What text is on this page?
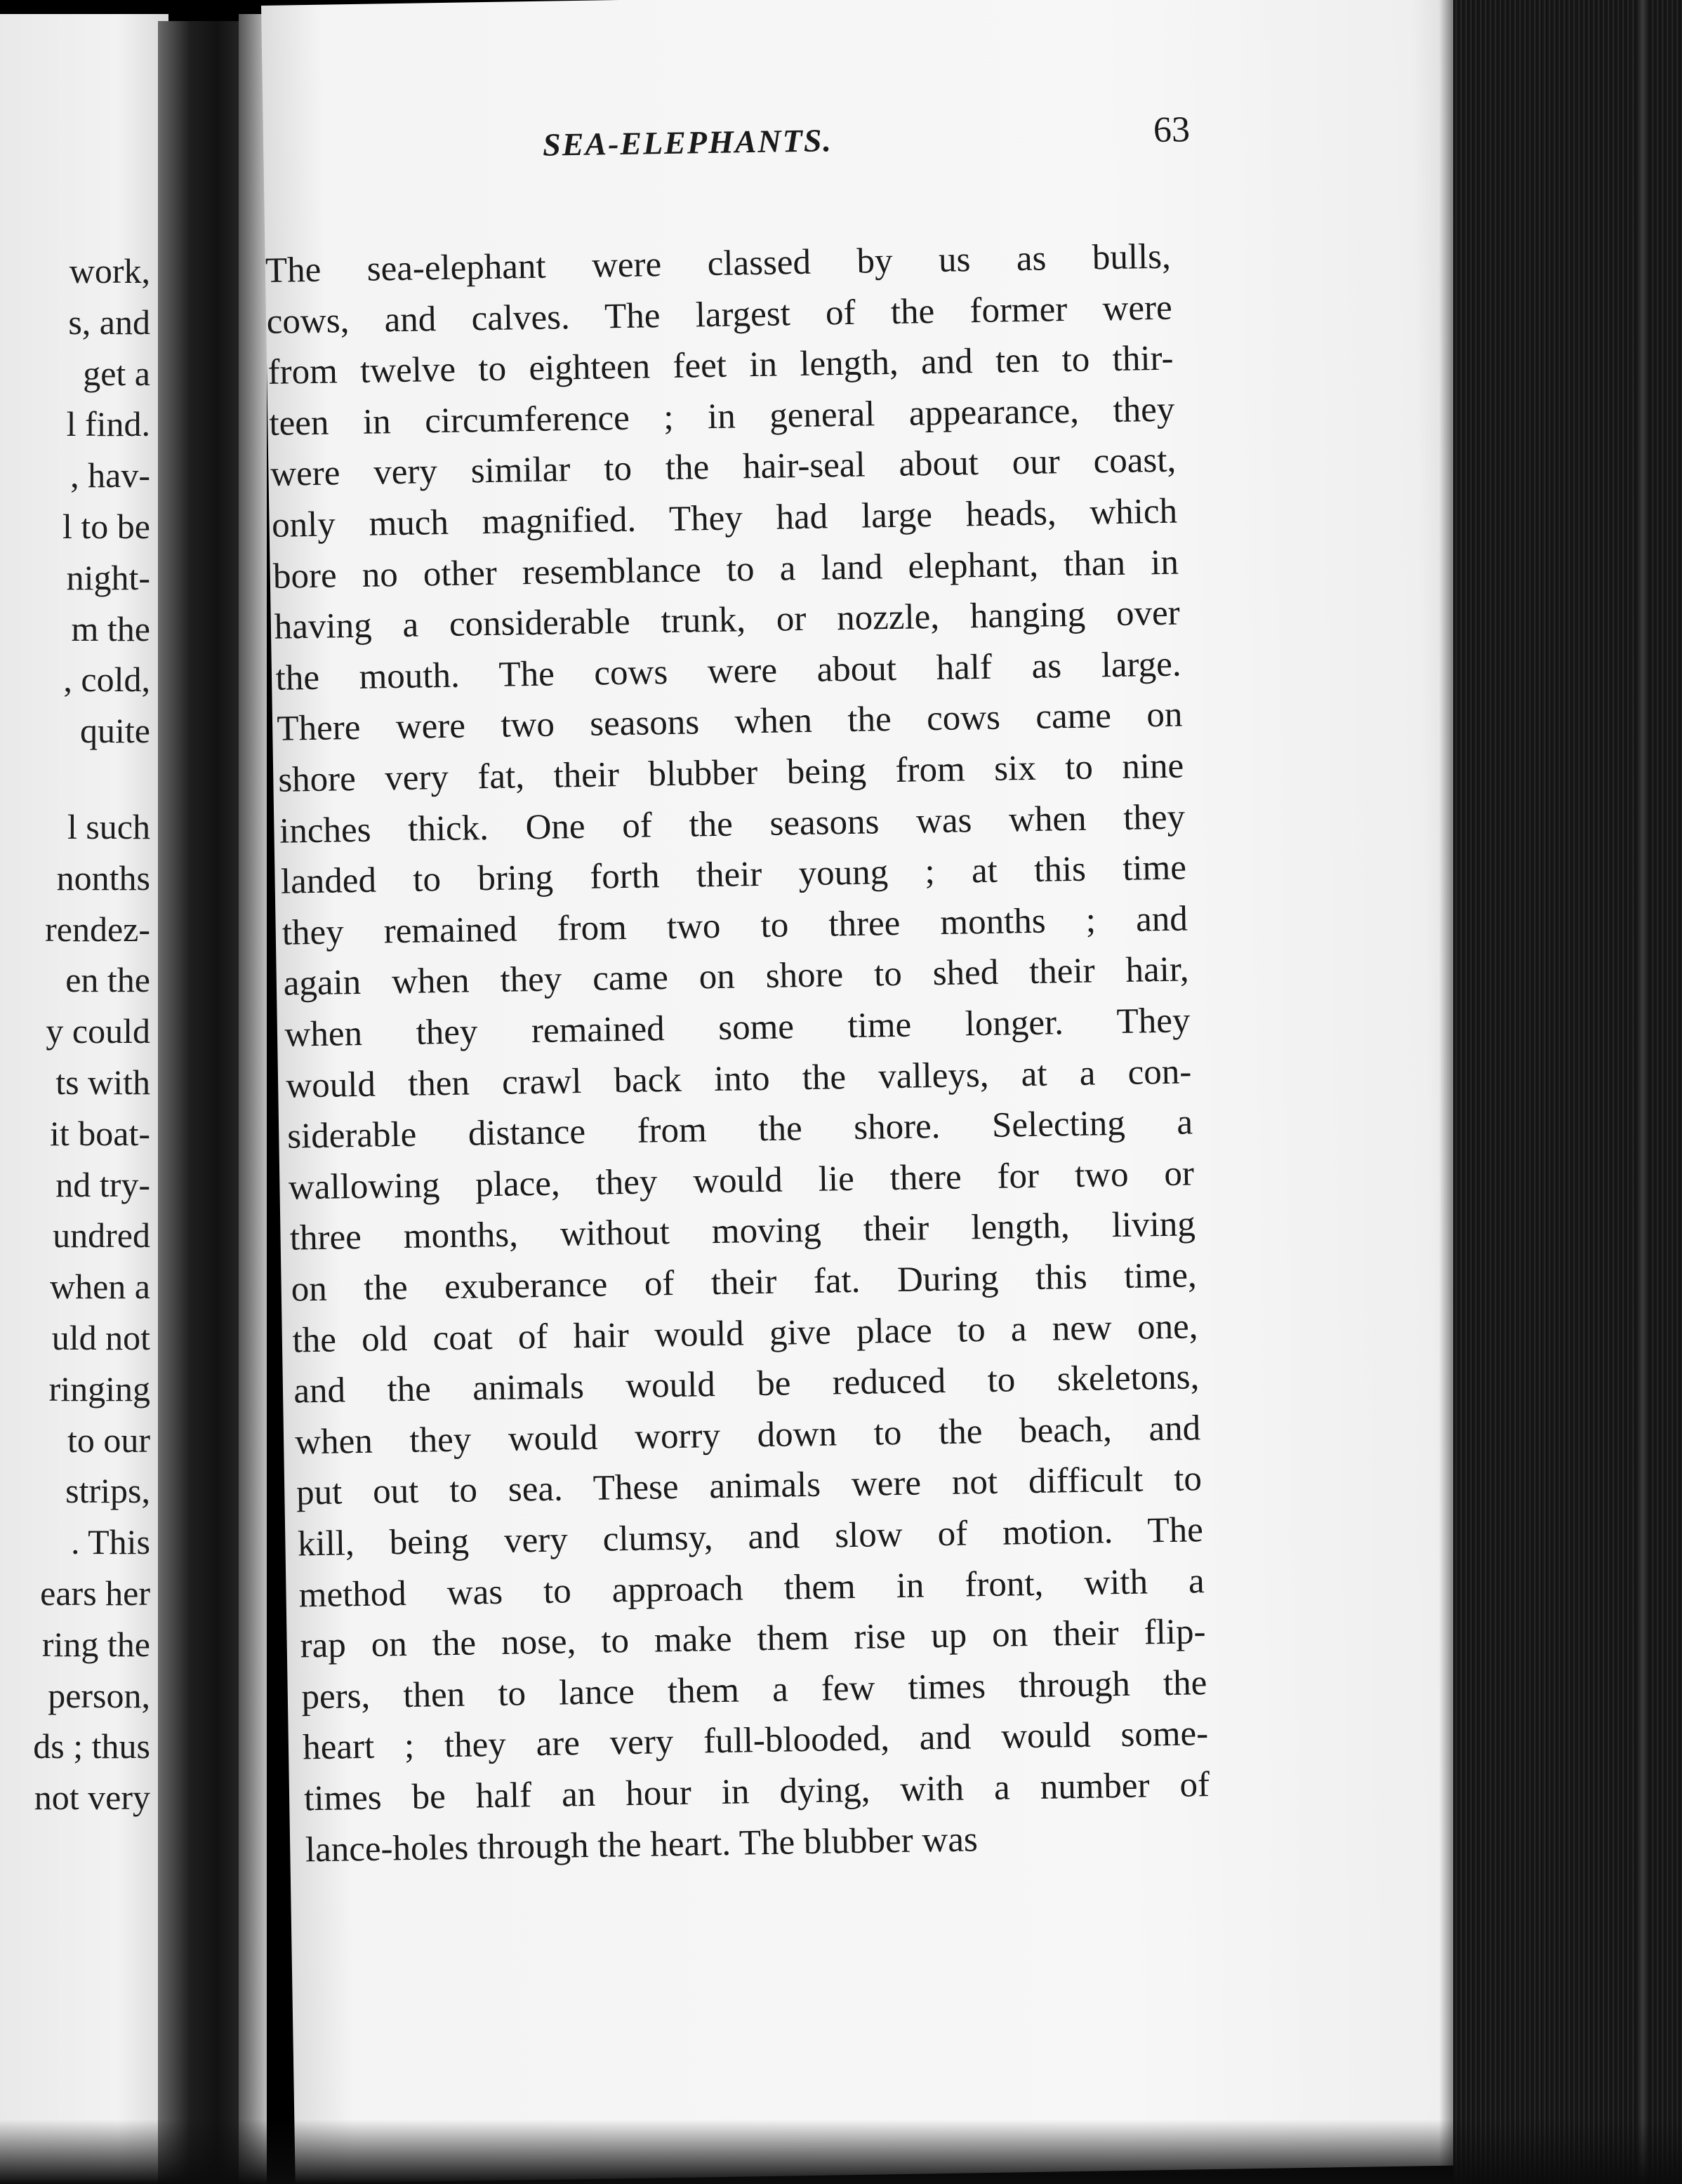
work,
s, and
get a
l find.
, hav-
l to be
night-
m the
, cold,
quite
l such
nonths
rendez-
en the
y could
ts with
it boat-
nd try-
undred
when a
uld not
ringing
to our
strips,
. This
ears her
ring the
person,
ds ; thus
not very
SEA-ELEPHANTS.	63
The sea-elephant were classed by us as bulls,
cows, and calves. The largest of the former were
from twelve to eighteen feet in length, and ten to thir-
teen in circumference ; in general appearance, they
were very similar to the hair-seal about our coast,
only much magnified. They had large heads, which
bore no other resemblance to a land elephant, than in
having a considerable trunk, or nozzle, hanging over
the mouth. The cows were about half as large.
There were two seasons when the cows came on
shore very fat, their blubber being from six to nine
inches thick. One of the seasons was when they
landed to bring forth their young ; at this time
they remained from two to three months ; and
again when they came on shore to shed their hair,
when they remained some time longer. They
would then crawl back into the valleys, at a con-
siderable distance from the shore. Selecting a
wallowing place, they would lie there for two or
three months, without moving their length, living
on the exuberance of their fat. During this time,
the old coat of hair would give place to a new one,
and the animals would be reduced to skeletons,
when they would worry down to the beach, and
put out to sea. These animals were not difficult to
kill, being very clumsy, and slow of motion. The
method was to approach them in front, with a
rap on the nose, to make them rise up on their flip-
pers, then to lance them a few times through the
heart ; they are very full-blooded, and would some-
times be half an hour in dying, with a number of
lance-holes through the heart. The blubber was
